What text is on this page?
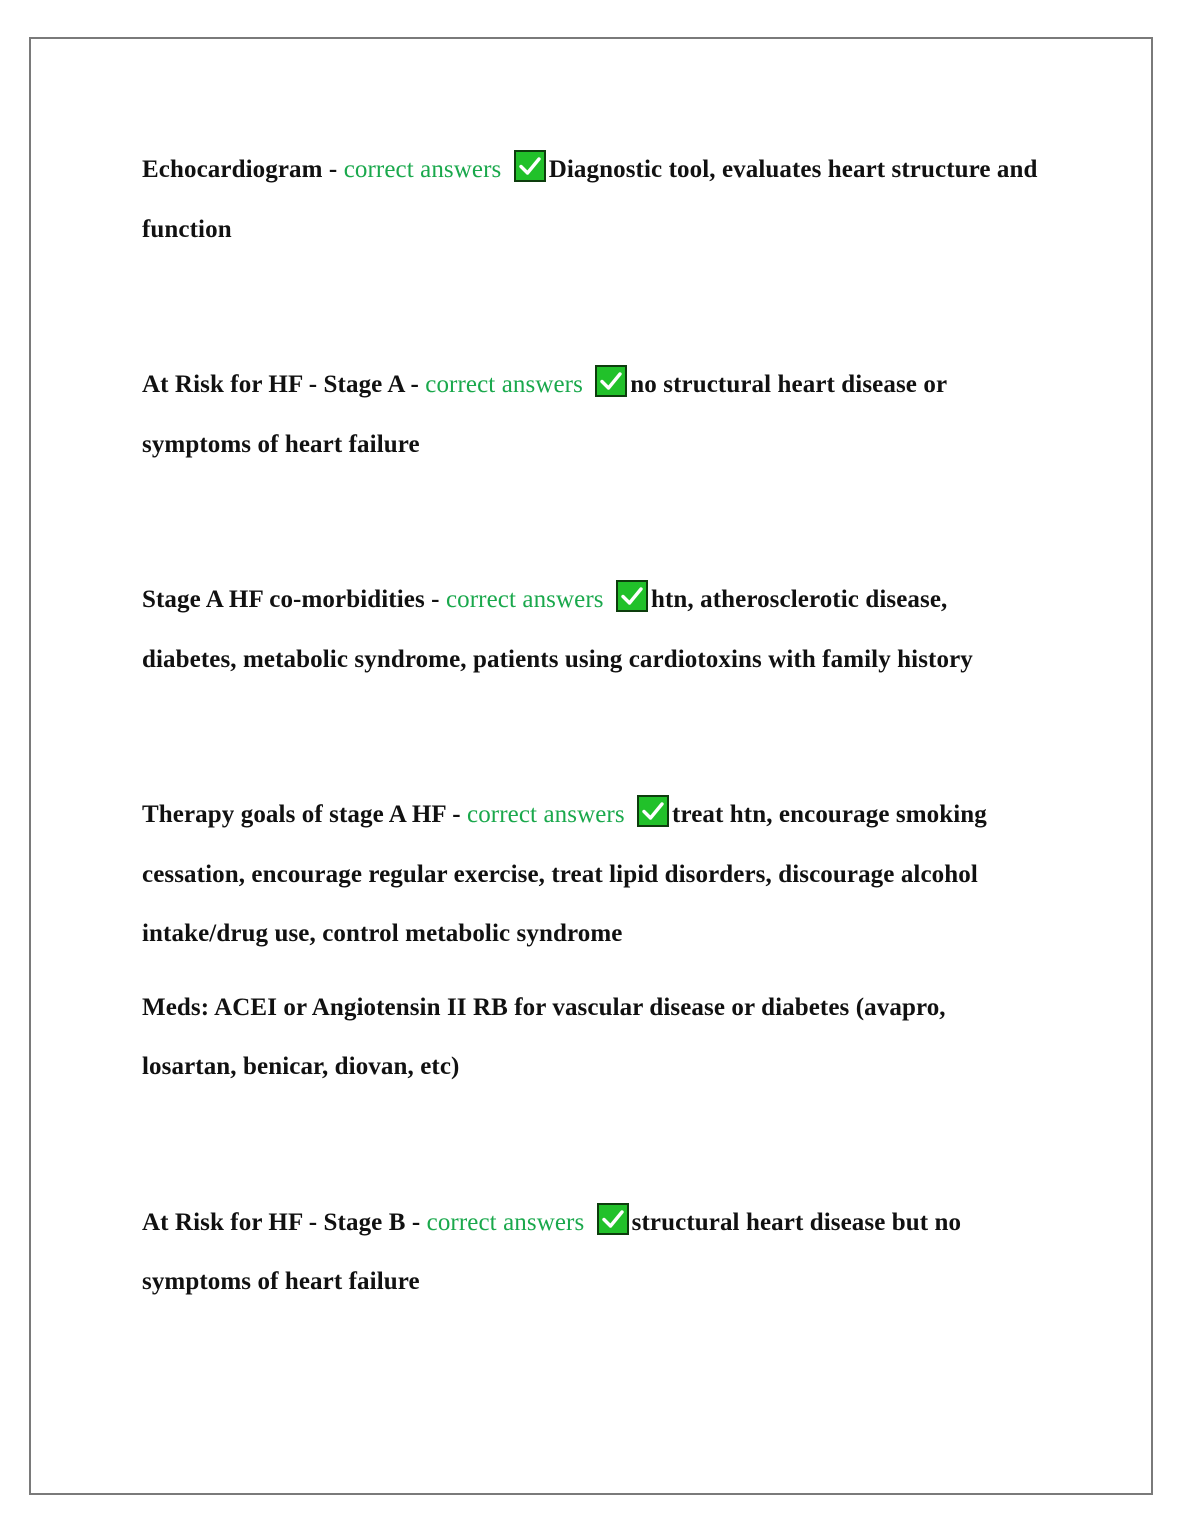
Echocardiogram - correct answers Diagnostic tool, evaluates heart structure and function
At Risk for HF - Stage A - correct answers no structural heart disease or symptoms of heart failure
Stage A HF co-morbidities - correct answers htn, atherosclerotic disease, diabetes, metabolic syndrome, patients using cardiotoxins with family history
Therapy goals of stage A HF - correct answers treat htn, encourage smoking cessation, encourage regular exercise, treat lipid disorders, discourage alcohol intake/drug use, control metabolic syndrome
Meds: ACEI or Angiotensin II RB for vascular disease or diabetes (avapro, losartan, benicar, diovan, etc)
At Risk for HF - Stage B - correct answers structural heart disease but no symptoms of heart failure
